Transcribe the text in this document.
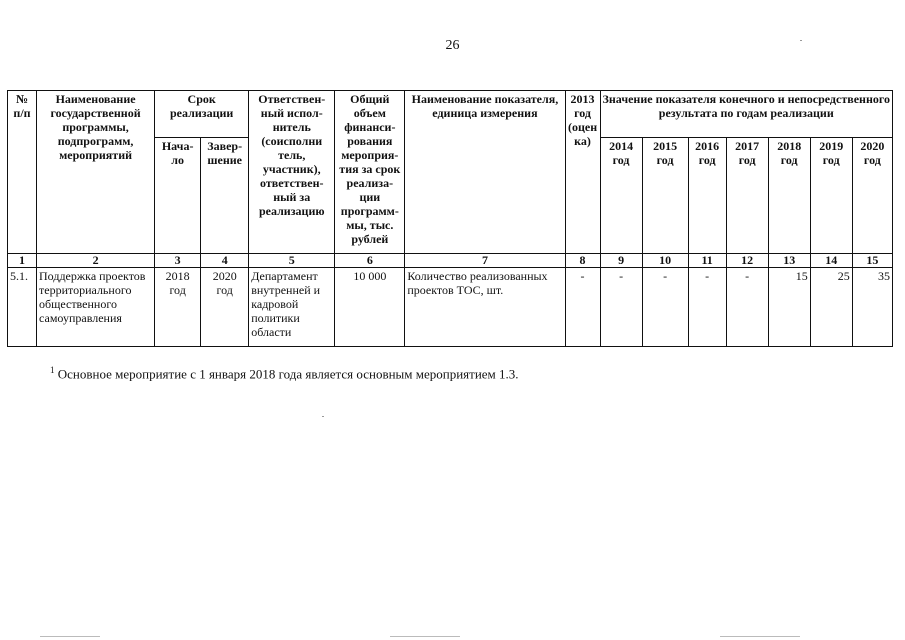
26
№ п/п	Наименование государственной программы, подпрограмм, мероприятий	Срок реализации		Ответствен-ный испол-нитель (соисполни тель, участник), ответствен-ный за реализацию	Общий объем финанси-рования мероприя-тия за срок реализа-ции программ-мы, тыс. рублей	Наименование показателя, единица измерения	2013 год (оцен ка)	Значение показателя конечного и непосредственного результата по годам реализации						
		Нача-ло	Завер-шение					2014 год	2015 год	2016 год	2017 год	2018 год	2019 год	2020 год
1	2	3	4	5	6	7	8	9	10	11	12	13	14	15
5.1.	Поддержка проектов территориального общественного самоуправления	2018 год	2020 год	Департамент внутренней и кадровой политики области	10 000	Количество реализованных проектов ТОС, шт.	-	-	-	-	-	15	25	35
$^1$ Основное мероприятие с 1 января 2018 года является основным мероприятием 1.3.
